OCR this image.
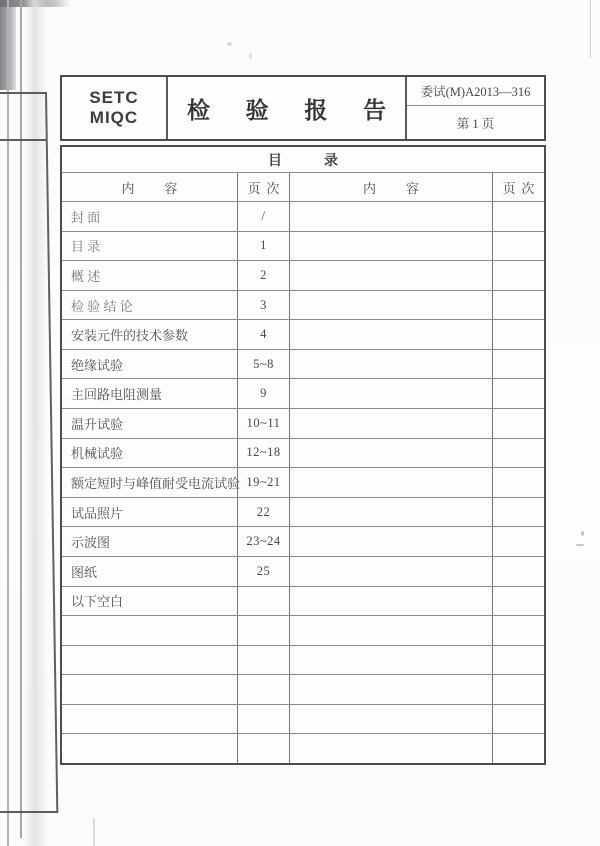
SETC
MIQC 检验报告
委试(M)A2013—316
第 1 页
目录
内容	页次	内容	页次
封 面	/
目 录	1
概 述	2
检 验 结 论	3
安装元件的技术参数	4
绝缘试验	5~8
主回路电阻测量	9
温升试验	10~11
机械试验	12~18
额定短时与峰值耐受电流试验 19~21
试品照片	22
示波图	23~24
图纸	25
以下空白
